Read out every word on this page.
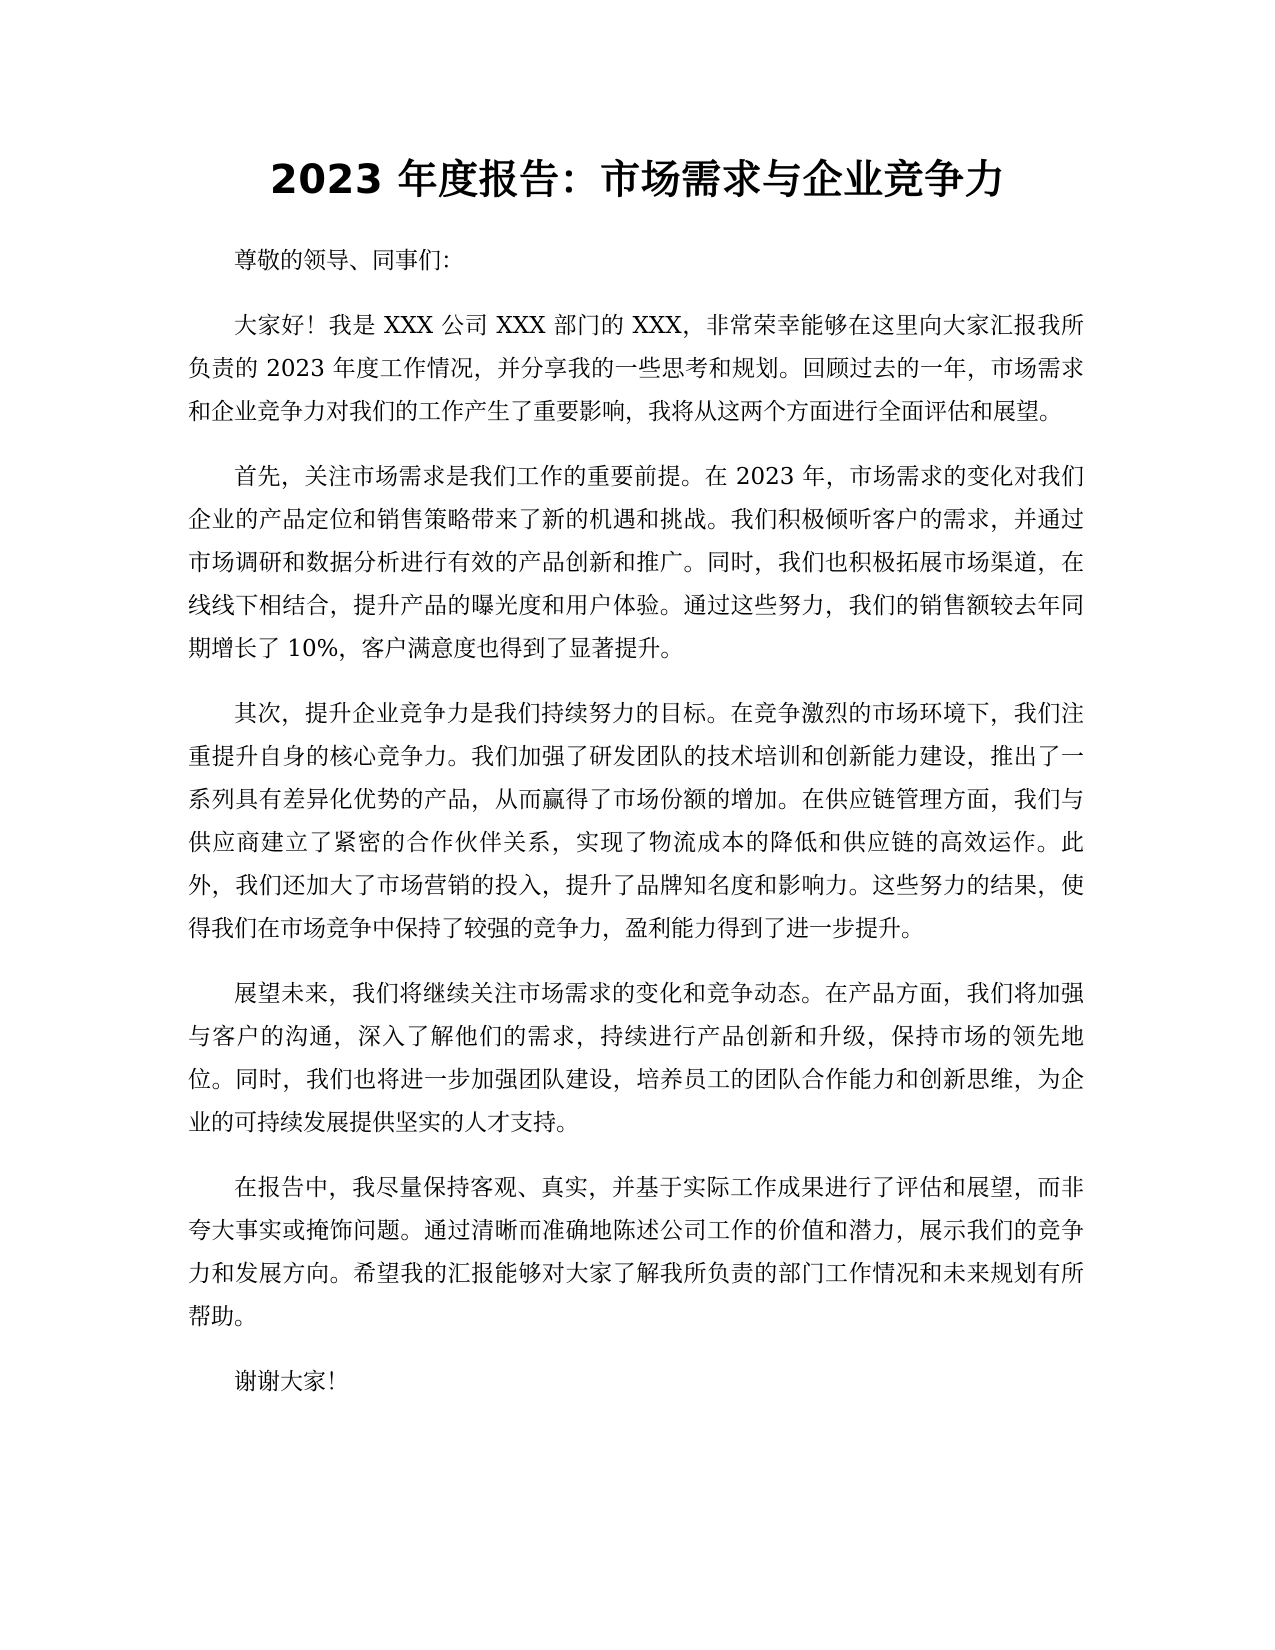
2023 年度报告：市场需求与企业竞争力

尊敬的领导、同事们：

大家好！我是 XXX 公司 XXX 部门的 XXX，非常荣幸能够在这里向大家汇报我所负责的 2023 年度工作情况，并分享我的一些思考和规划。回顾过去的一年，市场需求和企业竞争力对我们的工作产生了重要影响，我将从这两个方面进行全面评估和展望。

首先，关注市场需求是我们工作的重要前提。在 2023 年，市场需求的变化对我们企业的产品定位和销售策略带来了新的机遇和挑战。我们积极倾听客户的需求，并通过市场调研和数据分析进行有效的产品创新和推广。同时，我们也积极拓展市场渠道，在线线下相结合，提升产品的曝光度和用户体验。通过这些努力，我们的销售额较去年同期增长了 10%，客户满意度也得到了显著提升。

其次，提升企业竞争力是我们持续努力的目标。在竞争激烈的市场环境下，我们注重提升自身的核心竞争力。我们加强了研发团队的技术培训和创新能力建设，推出了一系列具有差异化优势的产品，从而赢得了市场份额的增加。在供应链管理方面，我们与供应商建立了紧密的合作伙伴关系，实现了物流成本的降低和供应链的高效运作。此外，我们还加大了市场营销的投入，提升了品牌知名度和影响力。这些努力的结果，使得我们在市场竞争中保持了较强的竞争力，盈利能力得到了进一步提升。

展望未来，我们将继续关注市场需求的变化和竞争动态。在产品方面，我们将加强与客户的沟通，深入了解他们的需求，持续进行产品创新和升级，保持市场的领先地位。同时，我们也将进一步加强团队建设，培养员工的团队合作能力和创新思维，为企业的可持续发展提供坚实的人才支持。

在报告中，我尽量保持客观、真实，并基于实际工作成果进行了评估和展望，而非夸大事实或掩饰问题。通过清晰而准确地陈述公司工作的价值和潜力，展示我们的竞争力和发展方向。希望我的汇报能够对大家了解我所负责的部门工作情况和未来规划有所帮助。

谢谢大家！
